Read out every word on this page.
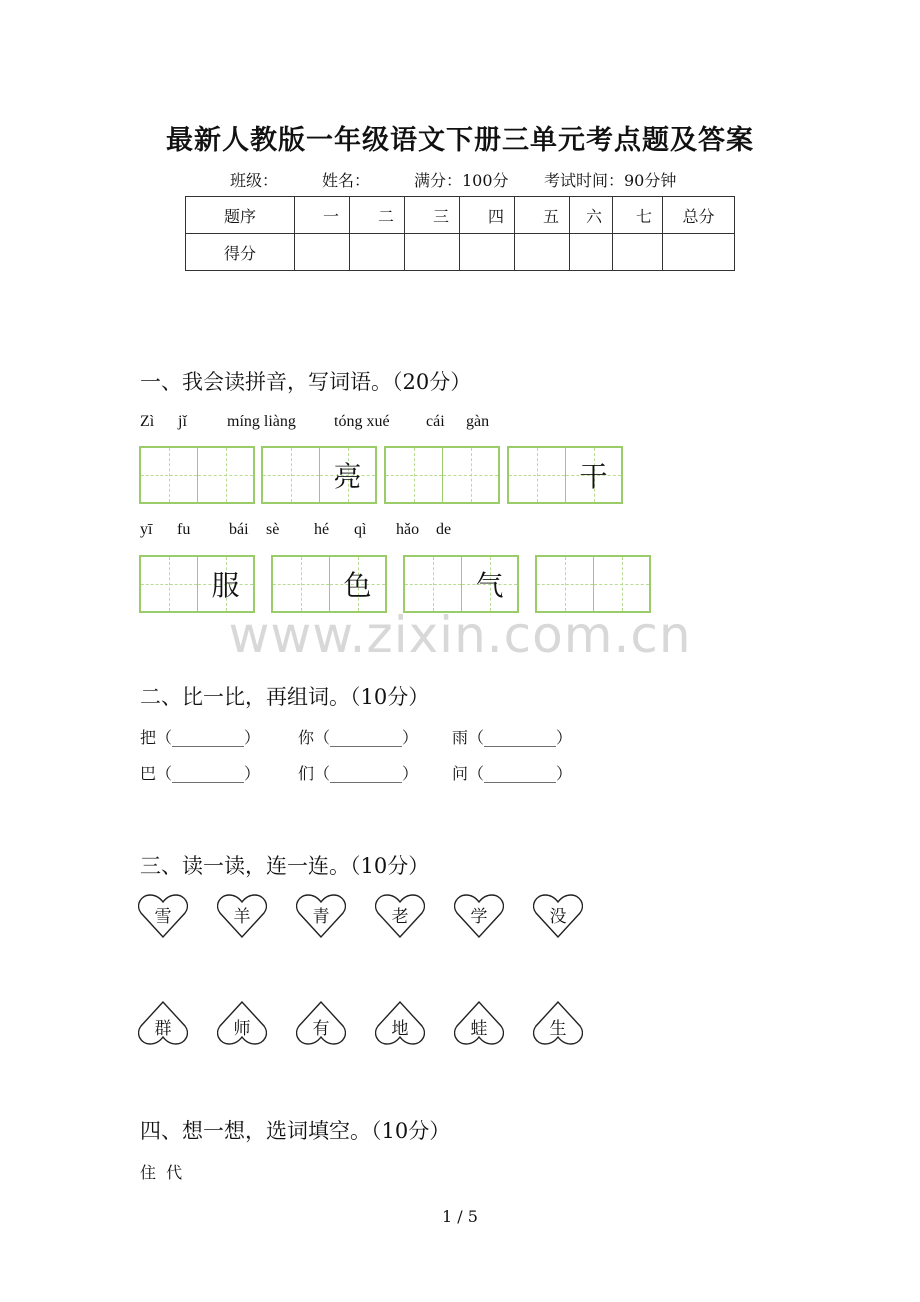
最新人教版一年级语文下册三单元考点题及答案
班级：	姓名：	满分：100分 考试时间：90分钟
题序	一	二	三	四	五	六	七	总分
得分								
一、我会读拼音，写词语。（20分）
Zì jǐ	míng liàng tóng xué cái gàn
亮	干
yī fu bái sè hé qì hǎo de
服	色	气
www.zixin.com.cn
二、比一比，再组词。（10分）
把（_________） 你（_________） 雨（_________）
巴（_________） 们（_________） 问（_________）
三、读一读，连一连。（10分）
雪	羊	青	老	学	没
群	师	有	地	蛙	生
四、想一想，选词填空。（10分）
住  代
1 / 5
